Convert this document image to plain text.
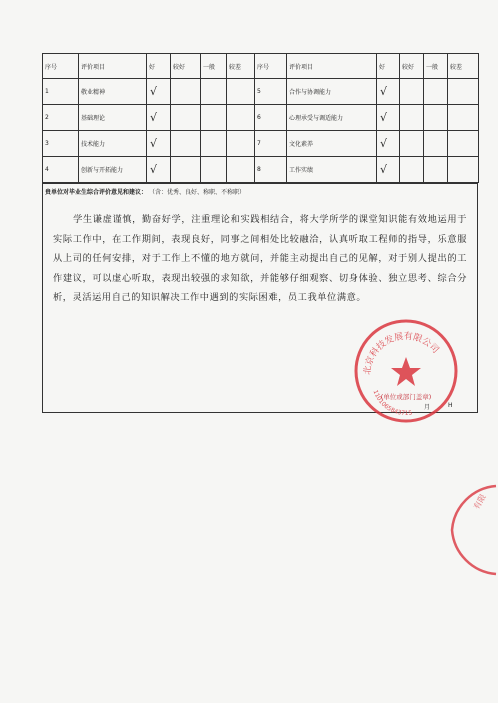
序号	评价项目	好	较好	一般	较差	序号	评价项目	好	较好	一般	较差
1	敬业精神	√				5	合作与协调能力	√			
2	基础理论	√				6	心理承受与调适能力	√			
3	技术能力	√				7	文化素养	√			
4	创新与开拓能力	√				8	工作实绩	√			
贵单位对毕业生综合评价意见和建议： （含：优秀、良好、称职、不称职）
学生谦虚谨慎，勤奋好学，注重理论和实践相结合，将大学所学的课堂知识能有效地运用于实际工作中，在工作期间，表现良好，同事之间相处比较融洽，认真听取工程师的指导，乐意服从上司的任何安排，对于工作上不懂的地方就问，并能主动提出自己的见解，对于别人提出的工作建议，可以虚心听取，表现出较强的求知欲，并能够仔细观察、切身体验、独立思考、综合分析，灵活运用自己的知识解决工作中遇到的实际困难，员工我单位满意。
(单位或部门盖章)
北京科技发展有限公司
1101065843715
月	H
有限
